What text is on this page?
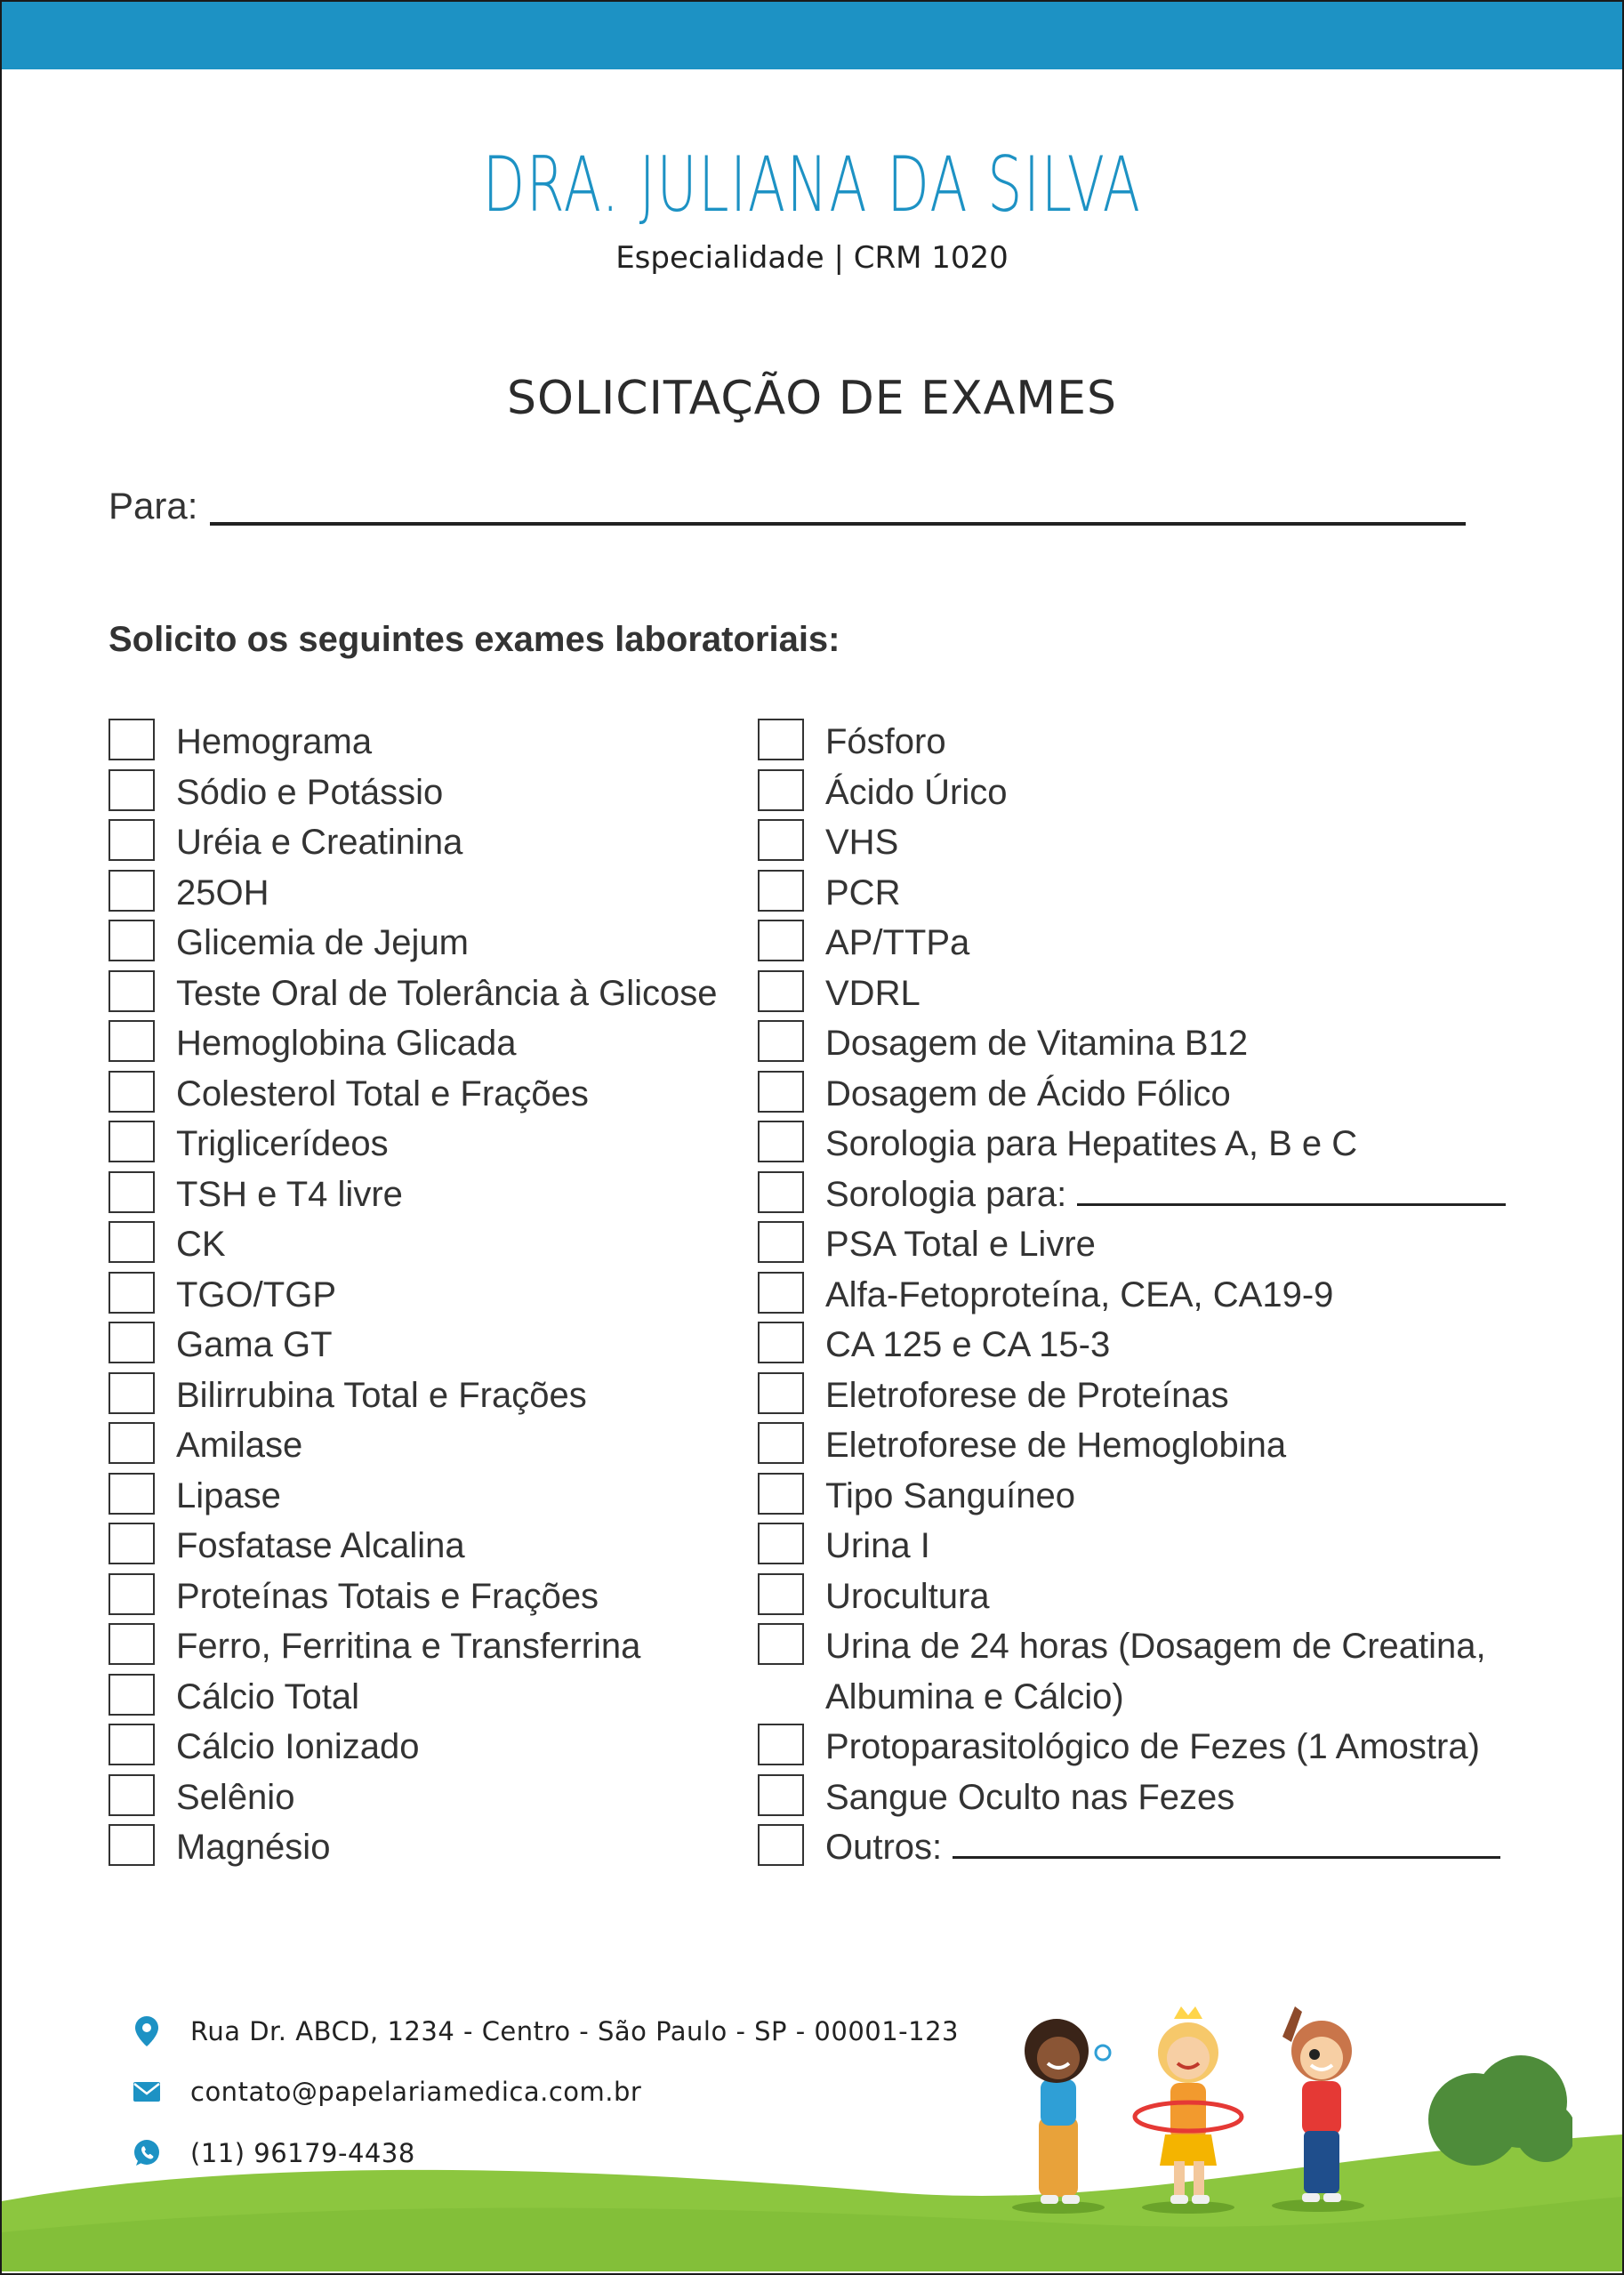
DRA. JULIANA DA SILVA
Especialidade | CRM 1020
SOLICITAÇÃO DE EXAMES
Para:
Solicito os seguintes exames laboratoriais:
Hemograma
Sódio e Potássio
Uréia e Creatinina
25OH
Glicemia de Jejum
Teste Oral de Tolerância à Glicose
Hemoglobina Glicada
Colesterol Total e Frações
Triglicerídeos
TSH e T4 livre
CK
TGO/TGP
Gama GT
Bilirrubina Total e Frações
Amilase
Lipase
Fosfatase Alcalina
Proteínas Totais e Frações
Ferro, Ferritina e Transferrina
Cálcio Total
Cálcio Ionizado
Selênio
Magnésio
Fósforo
Ácido Úrico
VHS
PCR
AP/TTPa
VDRL
Dosagem de Vitamina B12
Dosagem de Ácido Fólico
Sorologia para Hepatites A, B e C
Sorologia para:
PSA Total e Livre
Alfa-Fetoproteína, CEA, CA19-9
CA 125 e CA 15-3
Eletroforese de Proteínas
Eletroforese de Hemoglobina
Tipo Sanguíneo
Urina I
Urocultura
Urina de 24 horas (Dosagem de Creatina,
Albumina e Cálcio)
Protoparasitológico de Fezes (1 Amostra)
Sangue Oculto nas Fezes
Outros:
Rua Dr. ABCD, 1234 - Centro - São Paulo - SP - 00001-123
contato@papelariamedica.com.br
(11) 96179-4438
